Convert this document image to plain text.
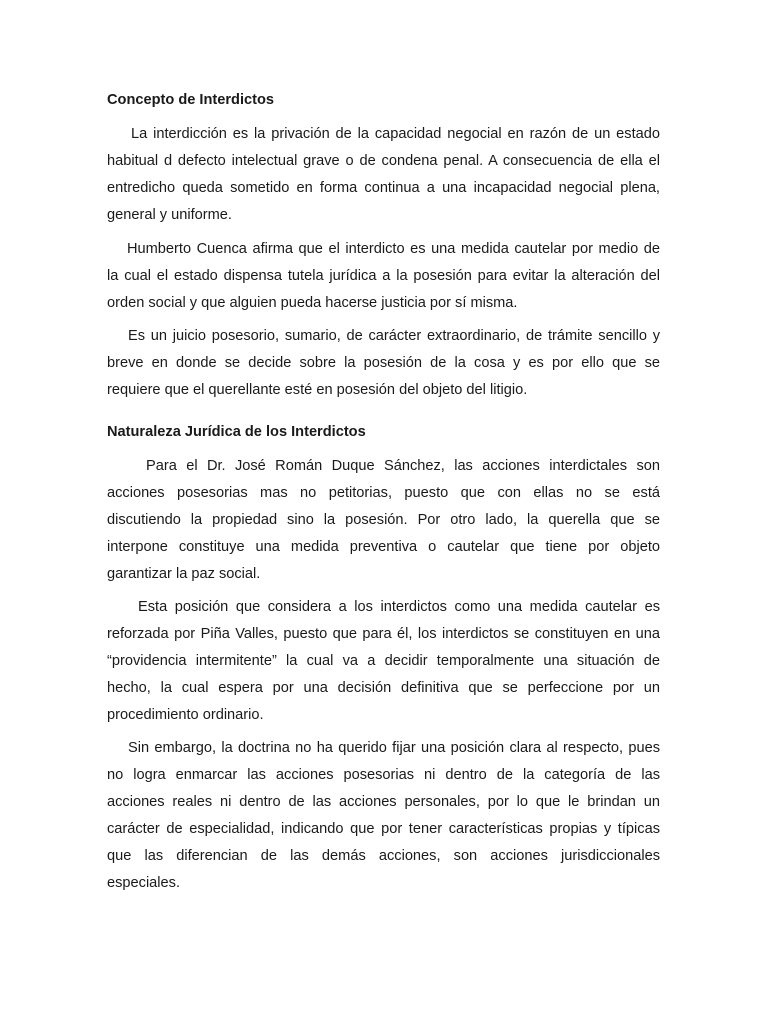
Concepto de Interdictos

La interdicción es la privación de la capacidad negocial en razón de un estado
habitual d defecto intelectual grave o de condena penal. A consecuencia de ella el
entredicho queda sometido en forma continua a una incapacidad negocial plena,
general y uniforme.

Humberto Cuenca afirma que el interdicto es una medida cautelar por medio de
la cual el estado dispensa tutela jurídica a la posesión para evitar la alteración del
orden social y que alguien pueda hacerse justicia por sí misma.

Es un juicio posesorio, sumario, de carácter extraordinario, de trámite sencillo y
breve en donde se decide sobre la posesión de la cosa y es por ello que se
requiere que el querellante esté en posesión del objeto del litigio.

Naturaleza Jurídica de los Interdictos

Para el Dr. José Román Duque Sánchez, las acciones interdictales son
acciones posesorias mas no petitorias, puesto que con ellas no se está
discutiendo la propiedad sino la posesión. Por otro lado, la querella que se
interpone constituye una medida preventiva o cautelar que tiene por objeto
garantizar la paz social.

Esta posición que considera a los interdictos como una medida cautelar es
reforzada por Piña Valles, puesto que para él, los interdictos se constituyen en una
“providencia intermitente” la cual va a decidir temporalmente una situación de
hecho, la cual espera por una decisión definitiva que se perfeccione por un
procedimiento ordinario.

Sin embargo, la doctrina no ha querido fijar una posición clara al respecto, pues
no logra enmarcar las acciones posesorias ni dentro de la categoría de las
acciones reales ni dentro de las acciones personales, por lo que le brindan un
carácter de especialidad, indicando que por tener características propias y típicas
que las diferencian de las demás acciones, son acciones jurisdiccionales
especiales.
